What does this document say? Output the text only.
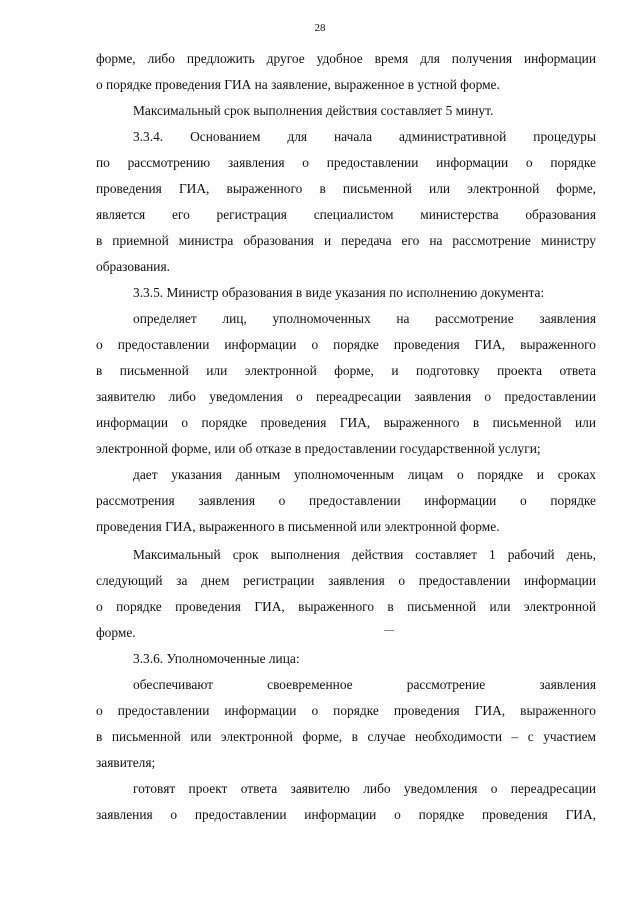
28
форме, либо предложить другое удобное время для получения информации
о порядке проведения ГИА на заявление, выраженное в устной форме.
Максимальный срок выполнения действия составляет 5 минут.
3.3.4. Основанием для начала административной процедуры
по рассмотрению заявления о предоставлении информации о порядке
проведения ГИА, выраженного в письменной или электронной форме,
является его регистрация специалистом министерства образования
в приемной министра образования и передача его на рассмотрение министру
образования.
3.3.5. Министр образования в виде указания по исполнению документа:
определяет лиц, уполномоченных на рассмотрение заявления
о предоставлении информации о порядке проведения ГИА, выраженного
в письменной или электронной форме, и подготовку проекта ответа
заявителю либо уведомления о переадресации заявления о предоставлении
информации о порядке проведения ГИА, выраженного в письменной или
электронной форме, или об отказе в предоставлении государственной услуги;
дает указания данным уполномоченным лицам о порядке и сроках
рассмотрения заявления о предоставлении информации о порядке
проведения ГИА, выраженного в письменной или электронной форме.
Максимальный срок выполнения действия составляет 1 рабочий день,
следующий за днем регистрации заявления о предоставлении информации
о порядке проведения ГИА, выраженного в письменной или электронной
форме.
3.3.6. Уполномоченные лица:
обеспечивают своевременное рассмотрение заявления
о предоставлении информации о порядке проведения ГИА, выраженного
в письменной или электронной форме, в случае необходимости – с участием
заявителя;
готовят проект ответа заявителю либо уведомления о переадресации
заявления о предоставлении информации о порядке проведения ГИА,
